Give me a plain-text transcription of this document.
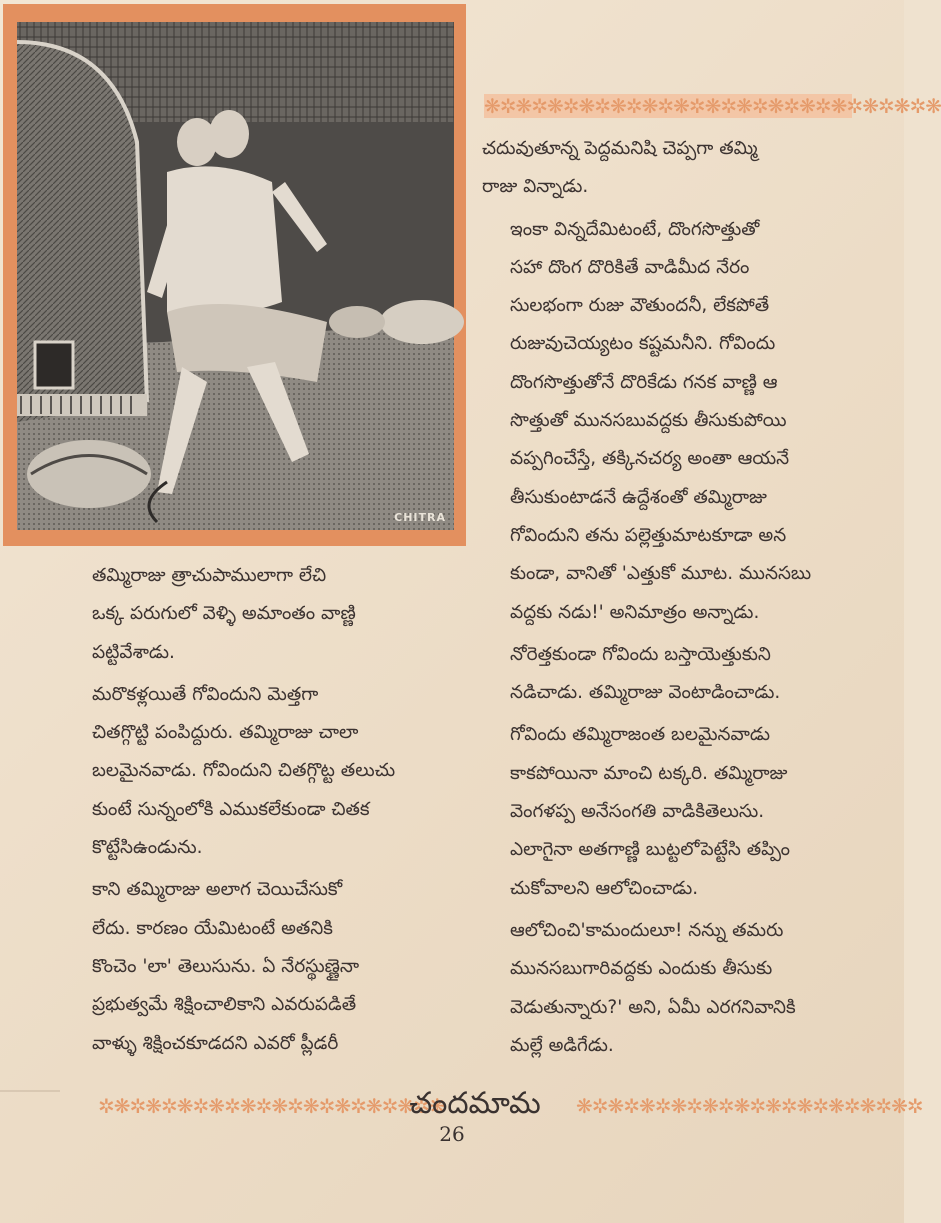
CHITRA
❋✲❋✲❋✲❋✲❋✲❋✲❋✲❋✲❋✲❋✲❋✲❋✲❋✲❋✲❋

చదువుతూన్న పెద్దమనిషి చెప్పగా తమ్మి
రాజు విన్నాడు.

ఇంకా విన్నదేమిటంటే, దొంగసొత్తుతో
సహా దొంగ దొరికితే వాడిమీద నేరం
సులభంగా రుజు వౌతుందనీ, లేకపోతే
రుజువుచెయ్యటం కష్టమనీని. గోవిందు
దొంగసొత్తుతోనే దొరికేడు గనక వాణ్ణి ఆ
సొత్తుతో మునసబువద్దకు తీసుకుపోయి
వప్పగించేస్తే, తక్కినచర్య అంతా ఆయనే
తీసుకుంటాడనే ఉద్దేశంతో తమ్మిరాజు
గోవిందుని తను పల్లెత్తుమాటకూడా అన
కుండా, వానితో 'ఎత్తుకో మూట. మునసబు
వద్దకు నడు!' అనిమాత్రం అన్నాడు.

నోరెత్తకుండా గోవిందు బస్తాయెత్తుకుని
నడిచాడు. తమ్మిరాజు వెంటాడించాడు.

గోవిందు తమ్మిరాజంత బలమైనవాడు
కాకపోయినా మాంచి టక్కరి. తమ్మిరాజు
వెంగళప్ప అనేసంగతి వాడికితెలుసు.
ఎలాగైనా అతగాణ్ణి బుట్టలోపెట్టేసి తప్పిం
చుకోవాలని ఆలోచించాడు.

ఆలోచించి'కామందులూ! నన్ను తమరు
మునసబుగారివద్దకు ఎందుకు తీసుకు
వెడుతున్నారు?' అని, ఏమీ ఎరగనివానికి
మల్లే అడిగేడు.

తమ్మిరాజు త్రాచుపాములాగా లేచి
ఒక్క పరుగులో వెళ్ళి అమాంతం వాణ్ణి
పట్టివేశాడు.

మరొకళ్లయితే గోవిందుని మెత్తగా
చితగ్గొట్టి పంపిద్దురు. తమ్మిరాజు చాలా
బలమైనవాడు. గోవిందుని చితగ్గొట్ట తలుచు
కుంటే సున్నంలోకి ఎముకలేకుండా చితక
కొట్టేసిఉండును.

కాని తమ్మిరాజు అలాగ చెయిచేసుకో
లేదు. కారణం యేమిటంటే అతనికి
కొంచెం 'లా' తెలుసును. ఏ నేరస్థుణ్ణైనా
ప్రభుత్వమే శిక్షించాలికాని ఎవరుపడితే
వాళ్ళు శిక్షించకూడదని ఎవరో ప్లీడరీ

✲❋✲❋✲❋✲❋✲❋✲❋✲❋✲❋✲❋✲❋✲❋
చందమామ	❋✲❋✲❋✲❋✲❋✲❋✲❋✲❋✲❋✲❋✲❋✲
26
